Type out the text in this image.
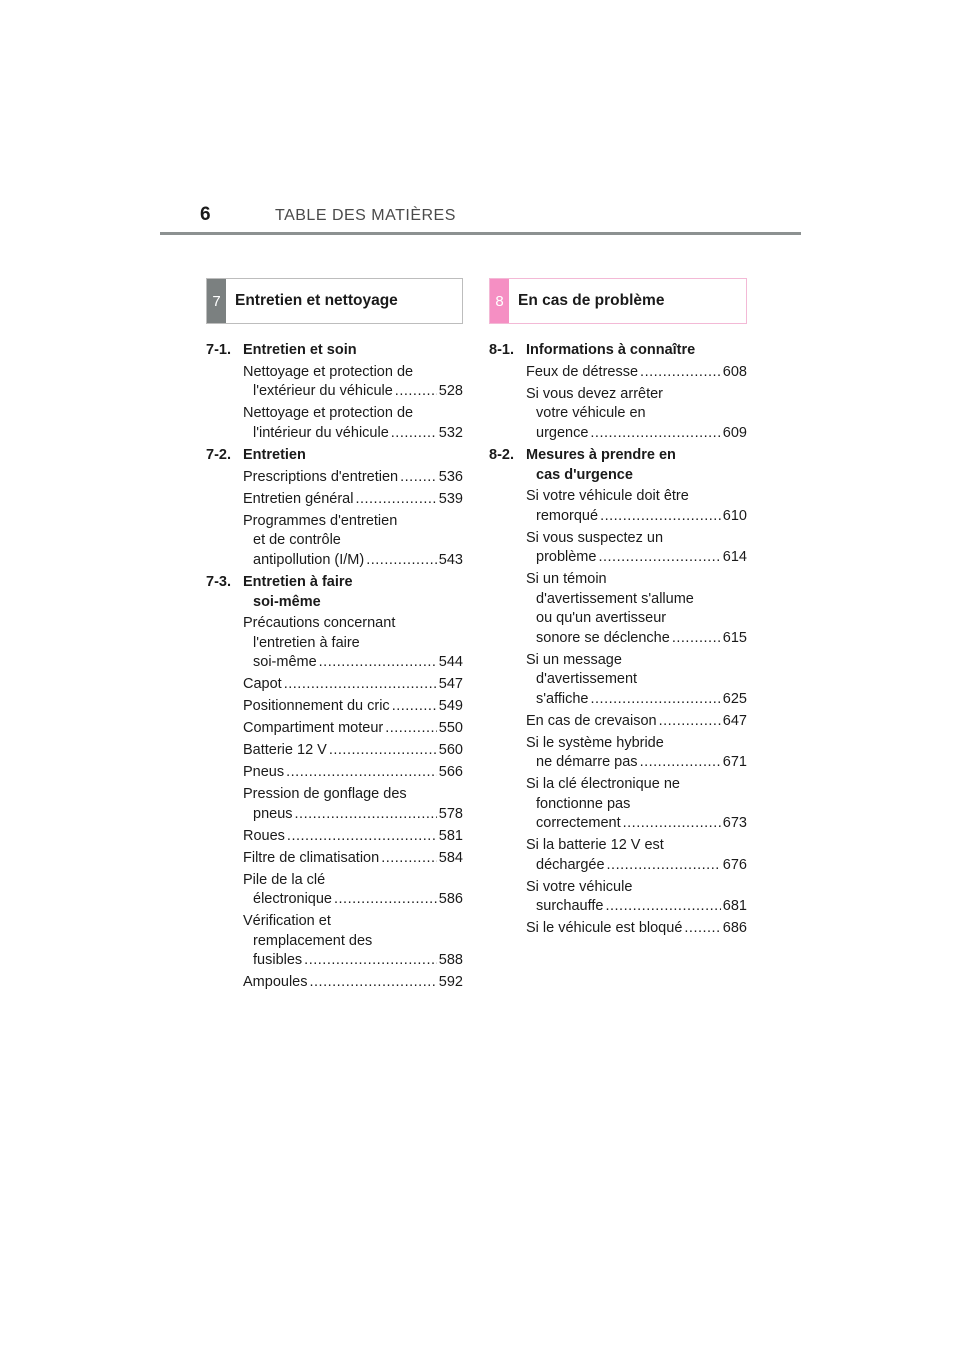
6	TABLE DES MATIÈRES
7 Entretien et nettoyage
7-1. Entretien et soin
Nettoyage et protection de
l'extérieur du véhicule .....	528
Nettoyage et protection de
l'intérieur du véhicule .....	532
7-2. Entretien
Prescriptions d'entretien .....	536
Entretien général .....	539
Programmes d'entretien
et de contrôle
antipollution (I/M) .....	543
7-3. Entretien à faire
soi-même
Précautions concernant
l'entretien à faire
soi-même .....	544
Capot .....	547
Positionnement du cric .....	549
Compartiment moteur .....	550
Batterie 12 V .....	560
Pneus .....	566
Pression de gonflage des
pneus .....	578
Roues .....	581
Filtre de climatisation .....	584
Pile de la clé
électronique .....	586
Vérification et
remplacement des
fusibles .....	588
Ampoules .....	592
8 En cas de problème
8-1. Informations à connaître
Feux de détresse .....	608
Si vous devez arrêter
votre véhicule en
urgence .....	609
8-2. Mesures à prendre en
cas d'urgence
Si votre véhicule doit être
remorqué .....	610
Si vous suspectez un
problème .....	614
Si un témoin
d'avertissement s'allume
ou qu'un avertisseur
sonore se déclenche .....	615
Si un message
d'avertissement
s'affiche .....	625
En cas de crevaison .....	647
Si le système hybride
ne démarre pas .....	671
Si la clé électronique ne
fonctionne pas
correctement .....	673
Si la batterie 12 V est
déchargée .....	676
Si votre véhicule
surchauffe .....	681
Si le véhicule est bloqué .....	686
